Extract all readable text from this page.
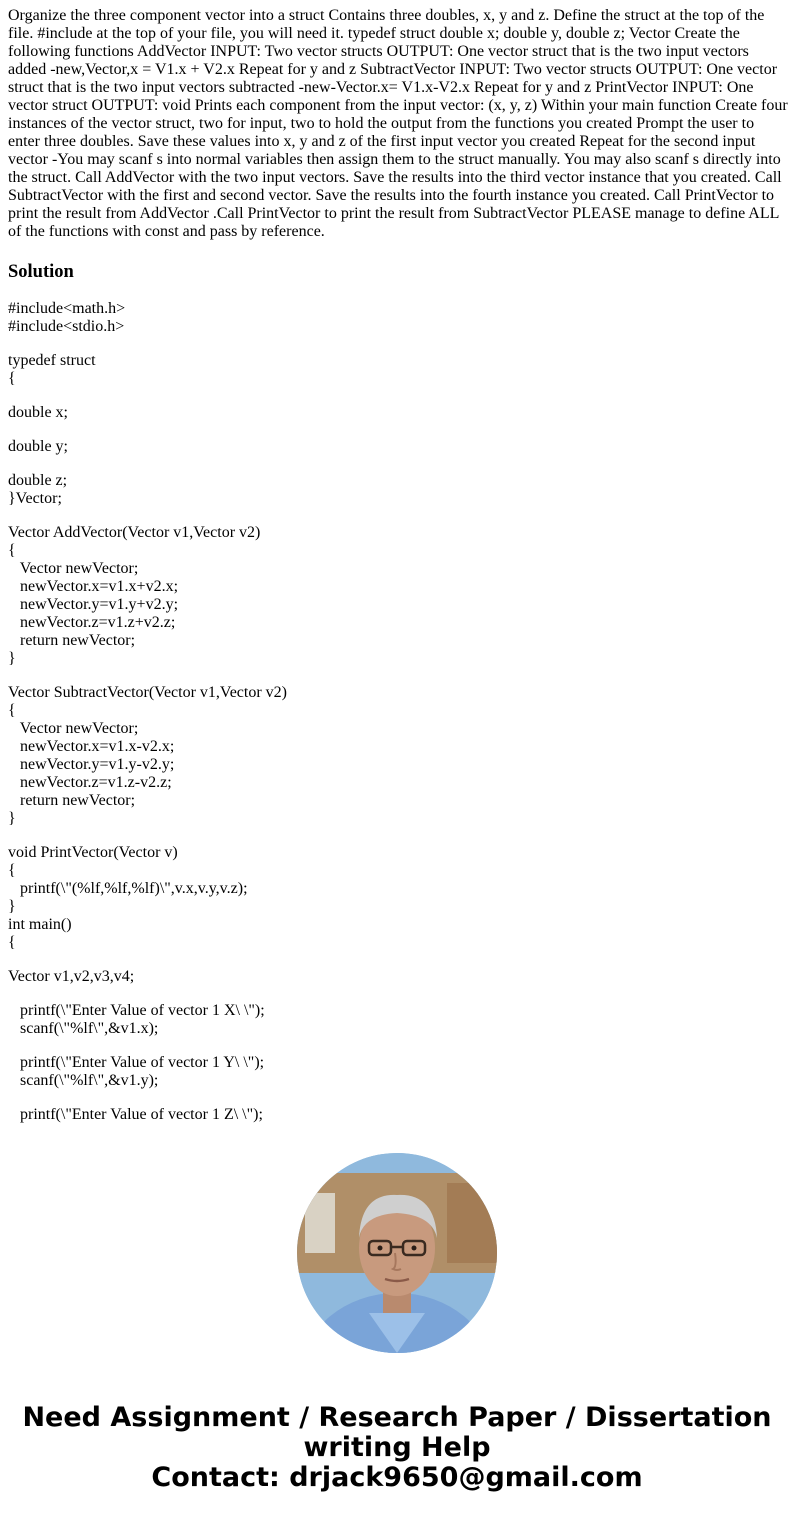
Organize the three component vector into a struct Contains three doubles, x, y and z. Define the struct at the top of the file. #include at the top of your file, you will need it. typedef struct double x; double y, double z; Vector Create the following functions AddVector INPUT: Two vector structs OUTPUT: One vector struct that is the two input vectors added -new,Vector,x = V1.x + V2.x Repeat for y and z SubtractVector INPUT: Two vector structs OUTPUT: One vector struct that is the two input vectors subtracted -new-Vector.x= V1.x-V2.x Repeat for y and z PrintVector INPUT: One vector struct OUTPUT: void Prints each component from the input vector: (x, y, z) Within your main function Create four instances of the vector struct, two for input, two to hold the output from the functions you created Prompt the user to enter three doubles. Save these values into x, y and z of the first input vector you created Repeat for the second input vector -You may scanf s into normal variables then assign them to the struct manually. You may also scanf s directly into the struct. Call AddVector with the two input vectors. Save the results into the third vector instance that you created. Call SubtractVector with the first and second vector. Save the results into the fourth instance you created. Call PrintVector to print the result from AddVector .Call PrintVector to print the result from SubtractVector PLEASE manage to define ALL of the functions with const and pass by reference.

Solution
#include<math.h>
#include<stdio.h>
typedef struct
{
double x;
double y;
double z;
}Vector;
Vector AddVector(Vector v1,Vector v2)
{
Vector newVector;
newVector.x=v1.x+v2.x;
newVector.y=v1.y+v2.y;
newVector.z=v1.z+v2.z;
return newVector;
}
Vector SubtractVector(Vector v1,Vector v2)
{
Vector newVector;
newVector.x=v1.x-v2.x;
newVector.y=v1.y-v2.y;
newVector.z=v1.z-v2.z;
return newVector;
}
void PrintVector(Vector v)
{
printf(\"(%lf,%lf,%lf)\",v.x,v.y,v.z);
}
int main()
{
Vector v1,v2,v3,v4;
printf(\"Enter Value of vector 1 X\ \");
scanf(\"%lf\",&v1.x);
printf(\"Enter Value of vector 1 Y\ \");
scanf(\"%lf\",&v1.y);
printf(\"Enter Value of vector 1 Z\ \");
Need Assignment / Research Paper / Dissertation
writing Help
Contact: drjack9650@gmail.com
